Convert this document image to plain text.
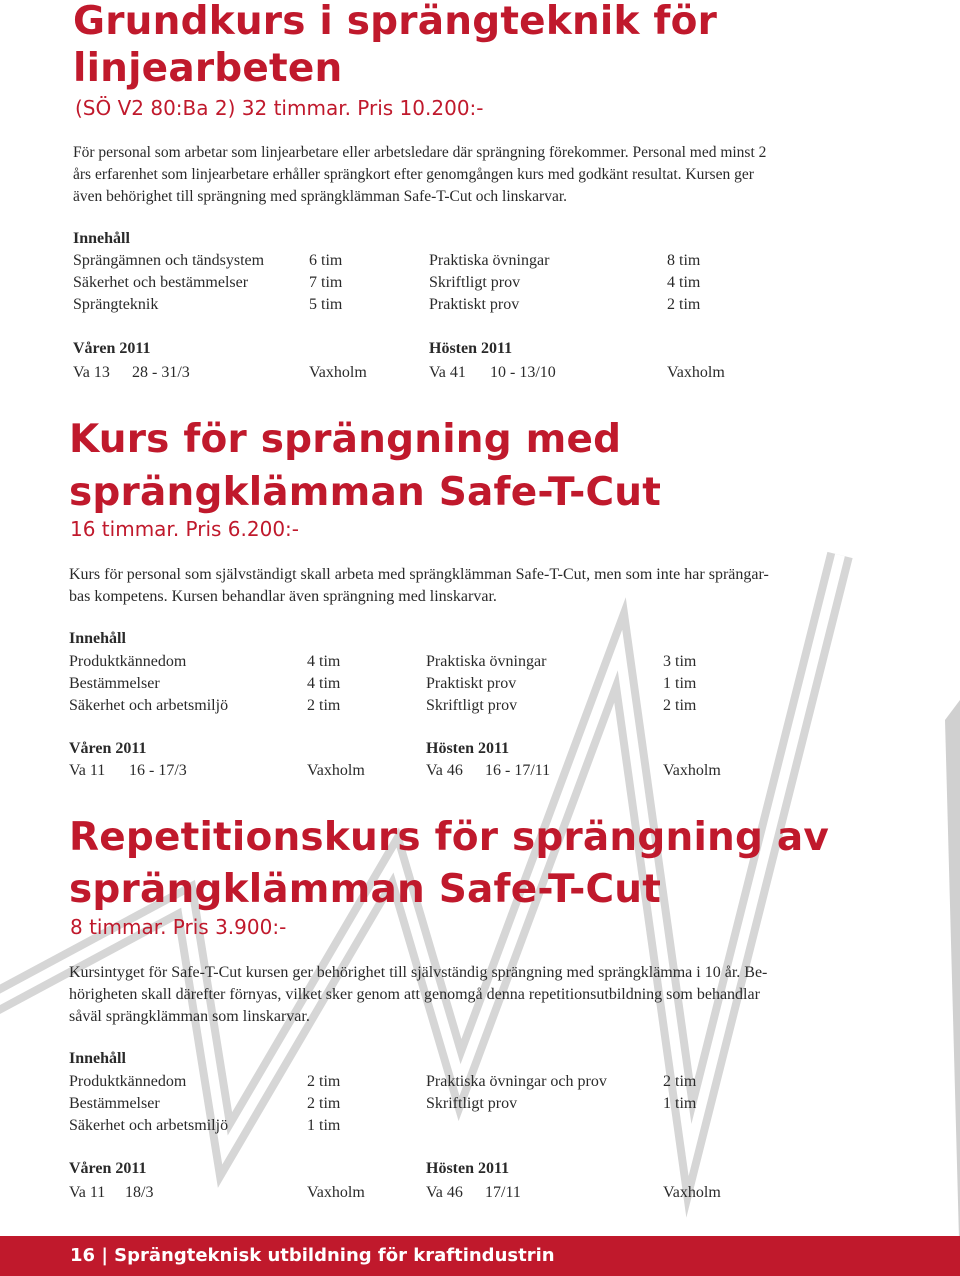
Grundkurs i sprängteknik för
linjearbeten
(SÖ V2 80:Ba 2) 32 timmar. Pris 10.200:-

För personal som arbetar som linjearbetare eller arbetsledare där sprängning förekommer. Personal med minst 2
års erfarenhet som linjearbetare erhåller sprängkort efter genomgången kurs med godkänt resultat. Kursen ger
även behörighet till sprängning med sprängklämman Safe-T-Cut och linskarvar.

Innehåll
Sprängämnen och tändsystem	6 tim	Praktiska övningar	8 tim
Säkerhet och bestämmelser	7 tim	Skriftligt prov	4 tim
Sprängteknik	5 tim	Praktiskt prov	2 tim
Våren 2011	Hösten 2011
Va 13 28 - 31/3	Vaxholm	Va 41 10 - 13/10	Vaxholm
Kurs för sprängning med
sprängklämman Safe-T-Cut
16 timmar. Pris 6.200:-

Kurs för personal som självständigt skall arbeta med sprängklämman Safe-T-Cut, men som inte har sprängar-
bas kompetens. Kursen behandlar även sprängning med linskarvar.

Innehåll
Produktkännedom	4 tim	Praktiska övningar	3 tim
Bestämmelser	4 tim	Praktiskt prov	1 tim
Säkerhet och arbetsmiljö	2 tim	Skriftligt prov	2 tim
Våren 2011	Hösten 2011
Va 11 16 - 17/3	Vaxholm	Va 46 16 - 17/11	Vaxholm
Repetitionskurs för sprängning av
sprängklämman Safe-T-Cut
8 timmar. Pris 3.900:-

Kursintyget för Safe-T-Cut kursen ger behörighet till självständig sprängning med sprängklämma i 10 år. Be-
hörigheten skall därefter förnyas, vilket sker genom att genomgå denna repetitionsutbildning som behandlar
såväl sprängklämman som linskarvar.

Innehåll
Produktkännedom	2 tim	Praktiska övningar och prov	2 tim
Bestämmelser	2 tim	Skriftligt prov	1 tim
Säkerhet och arbetsmiljö	1 tim
Våren 2011	Hösten 2011
Va 11 18/3	Vaxholm	Va 46 17/11	Vaxholm
16 | Sprängteknisk utbildning för kraftindustrin
